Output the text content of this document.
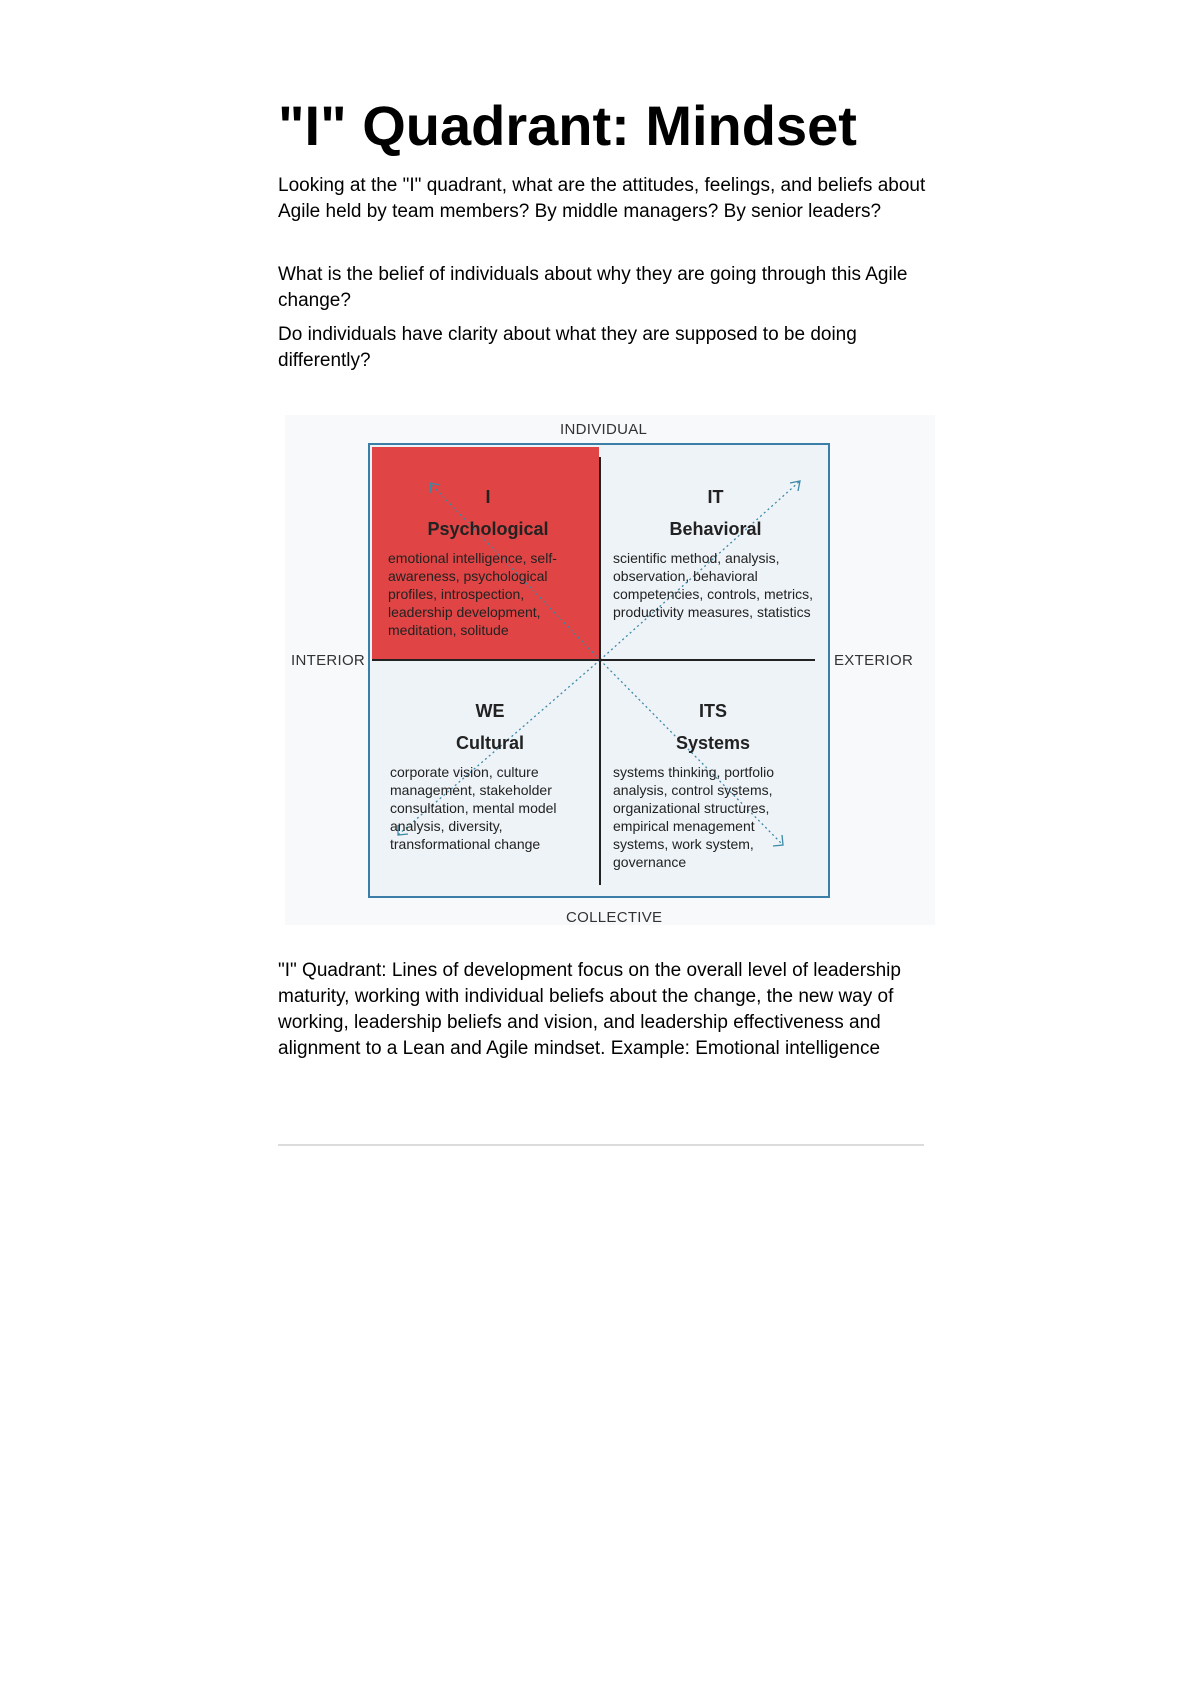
"I" Quadrant: Mindset

Looking at the "I" quadrant, what are the attitudes, feelings, and beliefs about Agile held by team members? By middle managers? By senior leaders?

What is the belief of individuals about why they are going through this Agile change?

Do individuals have clarity about what they are supposed to be doing differently?

"I" Quadrant: Lines of development focus on the overall level of leadership maturity, working with individual beliefs about the change, the new way of working, leadership beliefs and vision, and leadership effectiveness and alignment to a Lean and Agile mindset. Example: Emotional intelligence

INDIVIDUAL
COLLECTIVE
INTERIOR	EXTERIOR
I
Psychological
emotional intelligence, self-awareness, psychological profiles, introspection, leadership development, meditation, solitude
IT
Behavioral
scientific method, analysis, observation, behavioral competencies, controls, metrics, productivity measures, statistics
WE
Cultural
corporate vision, culture management, stakeholder consultation, mental model analysis, diversity, transformational change
ITS
Systems
systems thinking, portfolio analysis, control systems, organizational structures, empirical menagement systems, work system, governance
